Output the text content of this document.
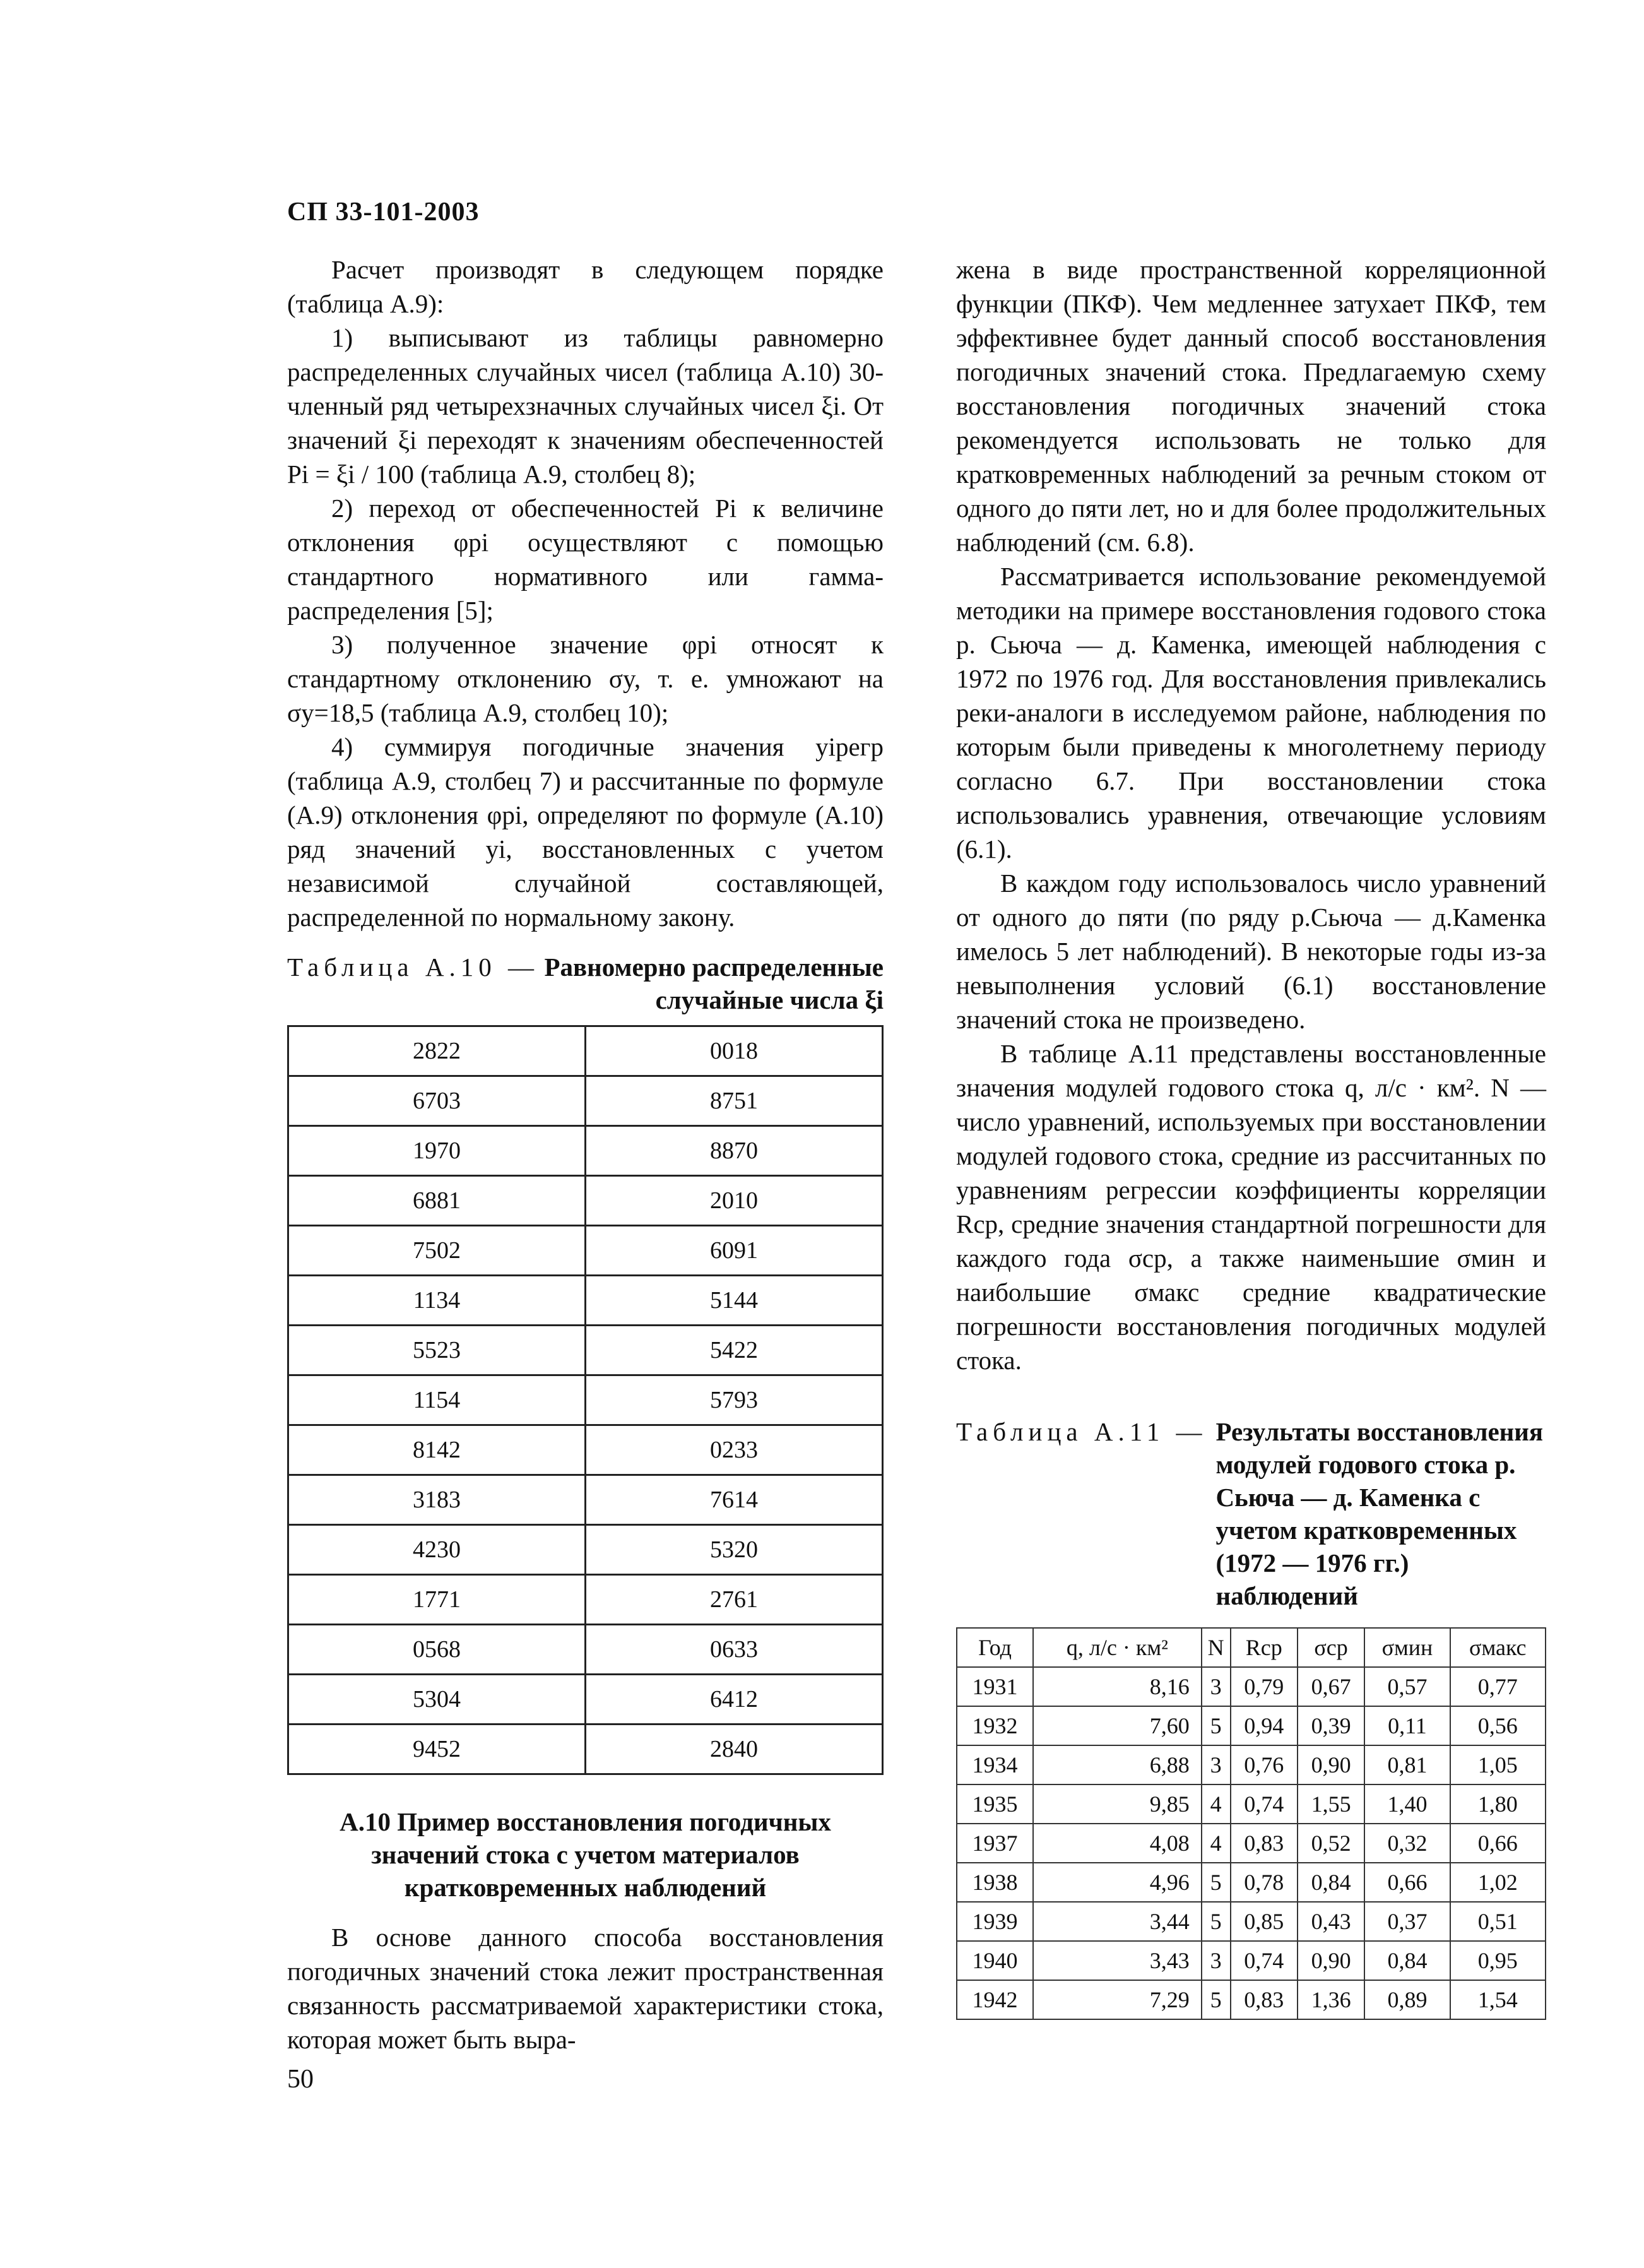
СП 33-101-2003

Расчет производят в следующем порядке (таблица А.9):

1) выписывают из таблицы равномерно распределенных случайных чисел (таблица А.10) 30-членный ряд четырехзначных случайных чисел ξi. От значений ξi переходят к значениям обеспеченностей Pi = ξi / 100 (таблица А.9, столбец 8);

2) переход от обеспеченностей Pi к величине отклонения φpi осуществляют с помощью стандартного нормативного или гамма-распределения [5];

3) полученное значение φpi относят к стандартному отклонению σy, т. е. умножают на σy=18,5 (таблица А.9, столбец 10);

4) суммируя погодичные значения yiрегр (таблица А.9, столбец 7) и рассчитанные по формуле (А.9) отклонения φpi, определяют по формуле (А.10) ряд значений yi, восстановленных с учетом независимой случайной составляющей, распределенной по нормальному закону.

Таблица А.10 — Равномерно распределенные случайные числа ξi
2822	0018
6703	8751
1970	8870
6881	2010
7502	6091
1134	5144
5523	5422
1154	5793
8142	0233
3183	7614
4230	5320
1771	2761
0568	0633
5304	6412
9452	2840
А.10 Пример восстановления погодичных значений стока с учетом материалов кратковременных наблюдений

В основе данного способа восстановления погодичных значений стока лежит пространственная связанность рассматриваемой характеристики стока, которая может быть выра-

жена в виде пространственной корреляционной функции (ПКФ). Чем медленнее затухает ПКФ, тем эффективнее будет данный способ восстановления погодичных значений стока. Предлагаемую схему восстановления погодичных значений стока рекомендуется использовать не только для кратковременных наблюдений за речным стоком от одного до пяти лет, но и для более продолжительных наблюдений (см. 6.8).

Рассматривается использование рекомендуемой методики на примере восстановления годового стока р. Сьюча — д. Каменка, имеющей наблюдения с 1972 по 1976 год. Для восстановления привлекались реки-аналоги в исследуемом районе, наблюдения по которым были приведены к многолетнему периоду согласно 6.7. При восстановлении стока использовались уравнения, отвечающие условиям (6.1).

В каждом году использовалось число уравнений от одного до пяти (по ряду р.Сьюча — д.Каменка имелось 5 лет наблюдений). В некоторые годы из-за невыполнения условий (6.1) восстановление значений стока не произведено.

В таблице А.11 представлены восстановленные значения модулей годового стока q, л/с · км². N — число уравнений, используемых при восстановлении модулей годового стока, средние из рассчитанных по уравнениям регрессии коэффициенты корреляции Rср, средние значения стандартной погрешности для каждого года σср, а также наименьшие σмин и наибольшие σмакс средние квадратические погрешности восстановления погодичных модулей стока.

Таблица А.11 — Результаты восстановления модулей годового стока р. Сьюча — д. Каменка с учетом кратковременных (1972 — 1976 гг.) наблюдений
Год	q, л/с · км²	N	Rср	σср	σмин	σмакс
1931	8,16	3	0,79	0,67	0,57	0,77
1932	7,60	5	0,94	0,39	0,11	0,56
1934	6,88	3	0,76	0,90	0,81	1,05
1935	9,85	4	0,74	1,55	1,40	1,80
1937	4,08	4	0,83	0,52	0,32	0,66
1938	4,96	5	0,78	0,84	0,66	1,02
1939	3,44	5	0,85	0,43	0,37	0,51
1940	3,43	3	0,74	0,90	0,84	0,95
1942	7,29	5	0,83	1,36	0,89	1,54
50
